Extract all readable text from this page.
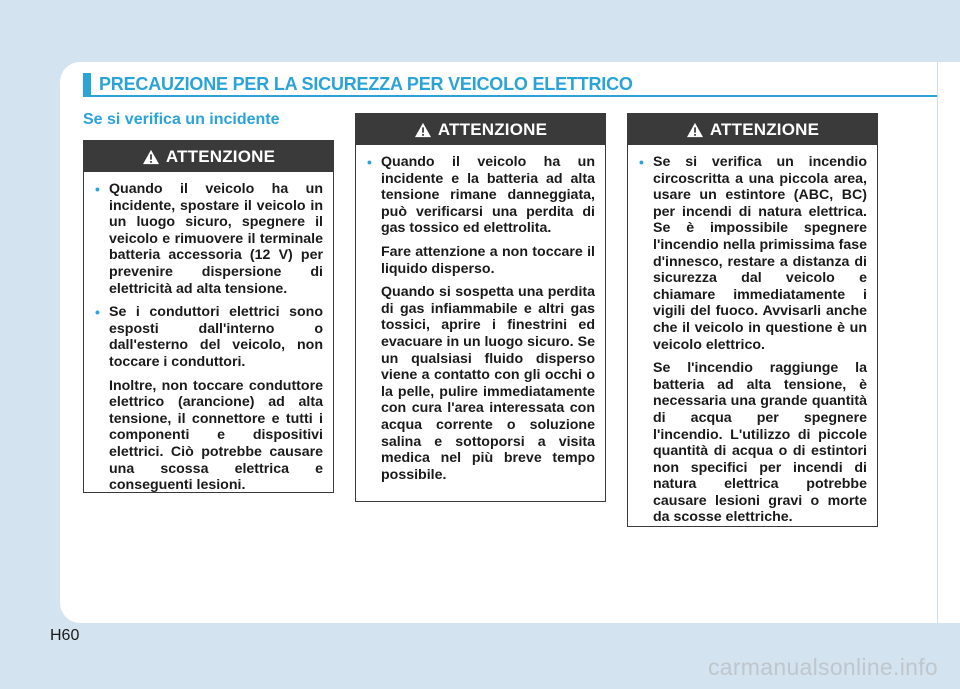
PRECAUZIONE PER LA SICUREZZA PER VEICOLO ELETTRICO
Se si verifica un incidente
ATTENZIONE
• Quando il veicolo ha un incidente, spostare il veicolo in un luogo sicuro, spegnere il veicolo e rimuovere il terminale batteria accessoria (12 V) per prevenire dispersione di elettricità ad alta tensione.
• Se i conduttori elettrici sono esposti dall'interno o dall'esterno del veicolo, non toccare i conduttori.
Inoltre, non toccare conduttore elettrico (arancione) ad alta tensione, il connettore e tutti i componenti e dispositivi elettrici. Ciò potrebbe causare una scossa elettrica e conseguenti lesioni.
ATTENZIONE
• Quando il veicolo ha un incidente e la batteria ad alta tensione rimane danneggiata, può verificarsi una perdita di gas tossico ed elettrolita.
Fare attenzione a non toccare il liquido disperso.
Quando si sospetta una perdita di gas infiammabile e altri gas tossici, aprire i finestrini ed evacuare in un luogo sicuro. Se un qualsiasi fluido disperso viene a contatto con gli occhi o la pelle, pulire immediatamente con cura l'area interessata con acqua corrente o soluzione salina e sottoporsi a visita medica nel più breve tempo possibile.
ATTENZIONE
• Se si verifica un incendio circoscritta a una piccola area, usare un estintore (ABC, BC) per incendi di natura elettrica. Se è impossibile spegnere l'incendio nella primissima fase d'innesco, restare a distanza di sicurezza dal veicolo e chiamare immediatamente i vigili del fuoco. Avvisarli anche che il veicolo in questione è un veicolo elettrico.
Se l'incendio raggiunge la batteria ad alta tensione, è necessaria una grande quantità di acqua per spegnere l'incendio. L'utilizzo di piccole quantità di acqua o di estintori non specifici per incendi di natura elettrica potrebbe causare lesioni gravi o morte da scosse elettriche.
H60
carmanualsonline.info
